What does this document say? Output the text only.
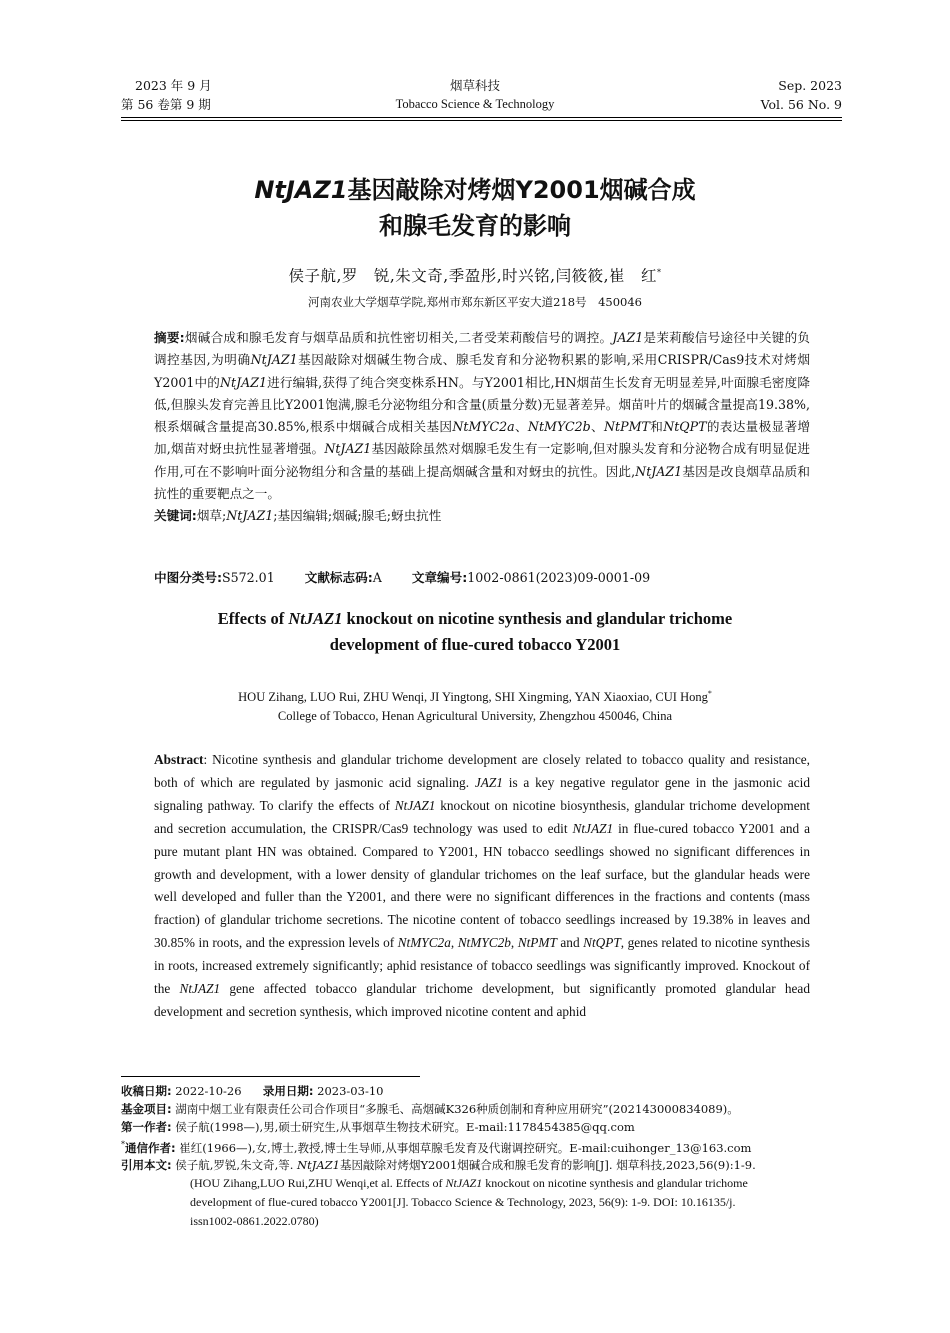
2023 年 9 月
第 56 卷第 9 期
烟草科技
Tobacco Science & Technology
Sep. 2023
Vol. 56 No. 9
NtJAZ1基因敲除对烤烟Y2001烟碱合成
和腺毛发育的影响
侯子航,罗　锐,朱文奇,季盈彤,时兴铭,闫筱筱,崔　红*
河南农业大学烟草学院,郑州市郑东新区平安大道218号　450046
摘要:烟碱合成和腺毛发育与烟草品质和抗性密切相关,二者受茉莉酸信号的调控。JAZ1是茉莉酸信号途径中关键的负调控基因,为明确NtJAZ1基因敲除对烟碱生物合成、腺毛发育和分泌物积累的影响,采用CRISPR/Cas9技术对烤烟Y2001中的NtJAZ1进行编辑,获得了纯合突变株系HN。与Y2001相比,HN烟苗生长发育无明显差异,叶面腺毛密度降低,但腺头发育完善且比Y2001饱满,腺毛分泌物组分和含量(质量分数)无显著差异。烟苗叶片的烟碱含量提高19.38%,根系烟碱含量提高30.85%,根系中烟碱合成相关基因NtMYC2a、NtMYC2b、NtPMT和NtQPT的表达量极显著增加,烟苗对蚜虫抗性显著增强。NtJAZ1基因敲除虽然对烟腺毛发生有一定影响,但对腺头发育和分泌物合成有明显促进作用,可在不影响叶面分泌物组分和含量的基础上提高烟碱含量和对蚜虫的抗性。因此,NtJAZ1基因是改良烟草品质和抗性的重要靶点之一。
关键词:烟草;NtJAZ1;基因编辑;烟碱;腺毛;蚜虫抗性
中图分类号:S572.01 文献标志码:A 文章编号:1002-0861(2023)09-0001-09
Effects of NtJAZ1 knockout on nicotine synthesis and glandular trichome
development of flue-cured tobacco Y2001
HOU Zihang, LUO Rui, ZHU Wenqi, JI Yingtong, SHI Xingming, YAN Xiaoxiao, CUI Hong*
College of Tobacco, Henan Agricultural University, Zhengzhou 450046, China
Abstract: Nicotine synthesis and glandular trichome development are closely related to tobacco quality and resistance, both of which are regulated by jasmonic acid signaling. JAZ1 is a key negative regulator gene in the jasmonic acid signaling pathway. To clarify the effects of NtJAZ1 knockout on nicotine biosynthesis, glandular trichome development and secretion accumulation, the CRISPR/Cas9 technology was used to edit NtJAZ1 in flue-cured tobacco Y2001 and a pure mutant plant HN was obtained. Compared to Y2001, HN tobacco seedlings showed no significant differences in growth and development, with a lower density of glandular trichomes on the leaf surface, but the glandular heads were well developed and fuller than the Y2001, and there were no significant differences in the fractions and contents (mass fraction) of glandular trichome secretions. The nicotine content of tobacco seedlings increased by 19.38% in leaves and 30.85% in roots, and the expression levels of NtMYC2a, NtMYC2b, NtPMT and NtQPT, genes related to nicotine synthesis in roots, increased extremely significantly; aphid resistance of tobacco seedlings was significantly improved. Knockout of the NtJAZ1 gene affected tobacco glandular trichome development, but significantly promoted glandular head development and secretion synthesis, which improved nicotine content and aphid
收稿日期: 2022-10-26 录用日期: 2023-03-10
基金项目: 湖南中烟工业有限责任公司合作项目“多腺毛、高烟碱K326种质创制和育种应用研究”(202143000834089)。
第一作者: 侯子航(1998—),男,硕士研究生,从事烟草生物技术研究。E-mail:1178454385@qq.com
*通信作者: 崔红(1966—),女,博士,教授,博士生导师,从事烟草腺毛发育及代谢调控研究。E-mail:cuihonger_13@163.com
引用本文: 侯子航,罗锐,朱文奇,等. NtJAZ1基因敲除对烤烟Y2001烟碱合成和腺毛发育的影响[J]. 烟草科技,2023,56(9):1-9.
(HOU Zihang,LUO Rui,ZHU Wenqi,et al. Effects of NtJAZ1 knockout on nicotine synthesis and glandular trichome
development of flue-cured tobacco Y2001[J]. Tobacco Science & Technology, 2023, 56(9): 1-9. DOI: 10.16135/j.
issn1002-0861.2022.0780)
